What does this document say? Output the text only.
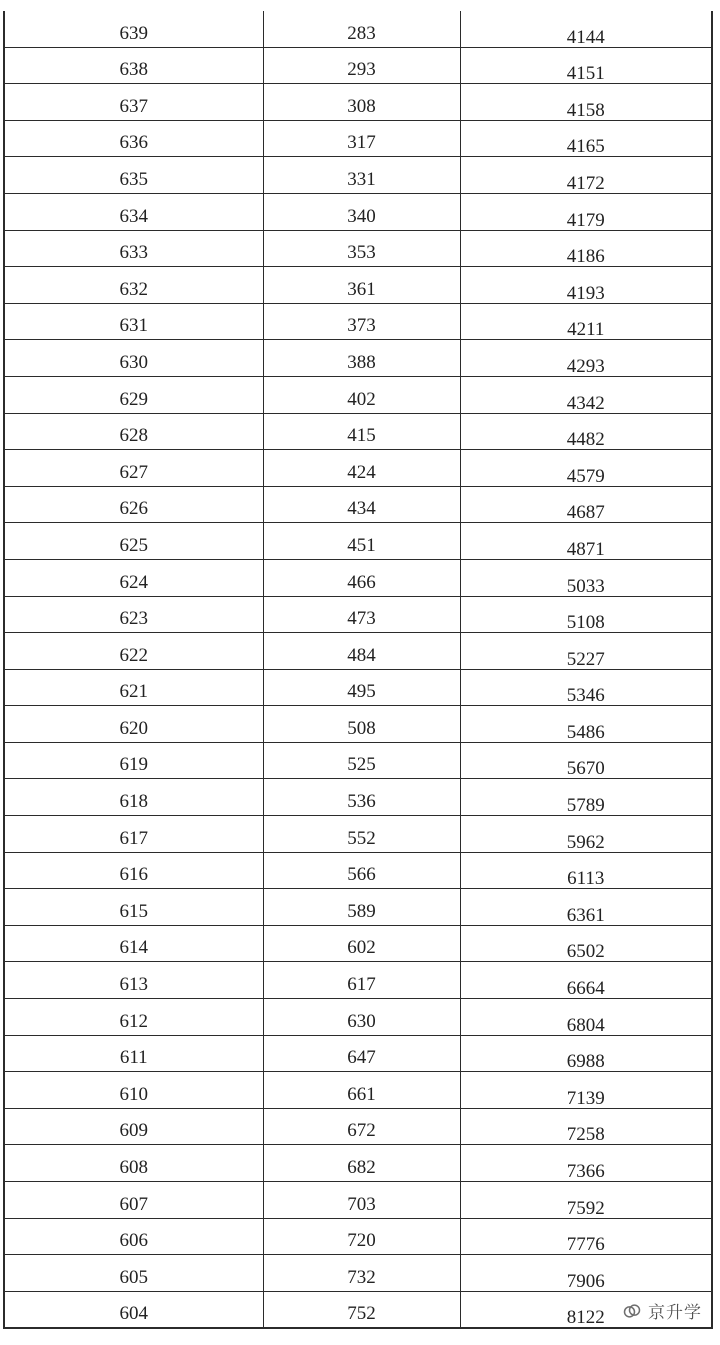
639	283	4144
638	293	4151
637	308	4158
636	317	4165
635	331	4172
634	340	4179
633	353	4186
632	361	4193
631	373	4211
630	388	4293
629	402	4342
628	415	4482
627	424	4579
626	434	4687
625	451	4871
624	466	5033
623	473	5108
622	484	5227
621	495	5346
620	508	5486
619	525	5670
618	536	5789
617	552	5962
616	566	6113
615	589	6361
614	602	6502
613	617	6664
612	630	6804
611	647	6988
610	661	7139
609	672	7258
608	682	7366
607	703	7592
606	720	7776
605	732	7906
604	752	8122	京升学
